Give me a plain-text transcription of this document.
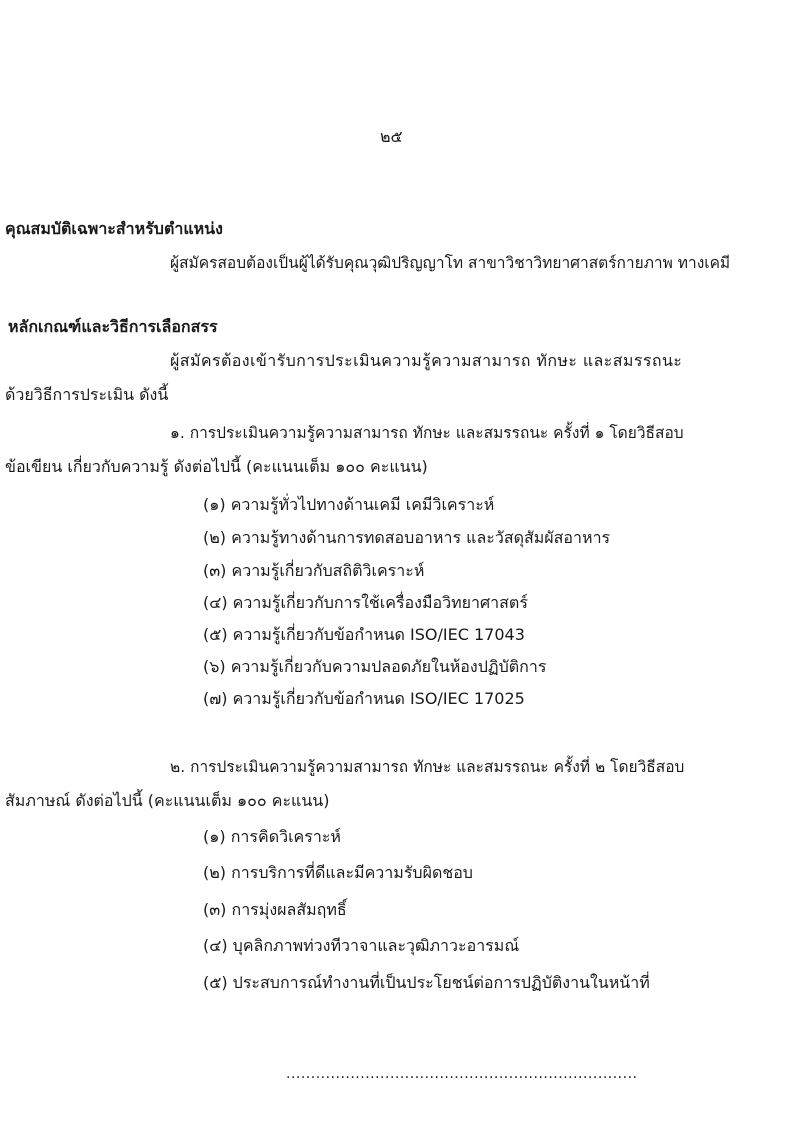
๒๕
คุณสมบัติเฉพาะสำหรับตำแหน่ง
ผู้สมัครสอบต้องเป็นผู้ได้รับคุณวุฒิปริญญาโท สาขาวิชาวิทยาศาสตร์กายภาพ ทางเคมี
หลักเกณฑ์และวิธีการเลือกสรร
ผู้สมัครต้องเข้ารับการประเมินความรู้ความสามารถ ทักษะ และสมรรถนะ
ด้วยวิธีการประเมิน ดังนี้
๑. การประเมินความรู้ความสามารถ ทักษะ และสมรรถนะ ครั้งที่ ๑ โดยวิธีสอบ
ข้อเขียน เกี่ยวกับความรู้ ดังต่อไปนี้ (คะแนนเต็ม ๑๐๐ คะแนน)
(๑) ความรู้ทั่วไปทางด้านเคมี เคมีวิเคราะห์
(๒) ความรู้ทางด้านการทดสอบอาหาร และวัสดุสัมผัสอาหาร
(๓) ความรู้เกี่ยวกับสถิติวิเคราะห์
(๔) ความรู้เกี่ยวกับการใช้เครื่องมือวิทยาศาสตร์
(๕) ความรู้เกี่ยวกับข้อกำหนด ISO/IEC 17043
(๖) ความรู้เกี่ยวกับความปลอดภัยในห้องปฏิบัติการ
(๗) ความรู้เกี่ยวกับข้อกำหนด ISO/IEC 17025
๒. การประเมินความรู้ความสามารถ ทักษะ และสมรรถนะ ครั้งที่ ๒ โดยวิธีสอบ
สัมภาษณ์ ดังต่อไปนี้ (คะแนนเต็ม ๑๐๐ คะแนน)
(๑) การคิดวิเคราะห์
(๒) การบริการที่ดีและมีความรับผิดชอบ
(๓) การมุ่งผลสัมฤทธิ์
(๔) บุคลิกภาพท่วงทีวาจาและวุฒิภาวะอารมณ์
(๕) ประสบการณ์ทำงานที่เป็นประโยชน์ต่อการปฏิบัติงานในหน้าที่
.......................................................................
